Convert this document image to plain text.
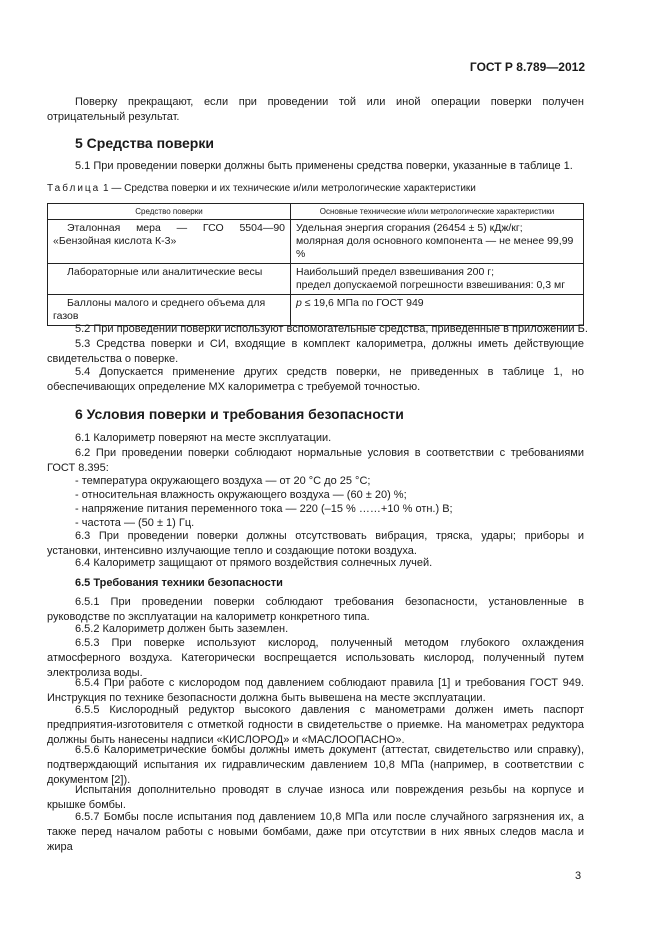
ГОСТ Р 8.789—2012
Поверку прекращают, если при проведении той или иной операции поверки получен отрицательный результат.
5 Средства поверки
5.1 При проведении поверки должны быть применены средства поверки, указанные в таблице 1.
Таблица 1 — Средства поверки и их технические и/или метрологические характеристики
Средство поверки	Основные технические и/или метрологические характеристики

Эталонная мера — ГСО 5504—90 «Бензойная кислота К-3»	Удельная энергия сгорания (26454 ± 5) кДж/кг;
молярная доля основного компонента — не менее 99,99 %

Лабораторные или аналитические весы	Наибольший предел взвешивания 200 г;
предел допускаемой погрешности взвешивания: 0,3 мг

Баллоны малого и среднего объема для газов	p ≤ 19,6 МПа по ГОСТ 949
5.2 При проведении поверки используют вспомогательные средства, приведенные в приложении Б.
5.3 Средства поверки и СИ, входящие в комплект калориметра, должны иметь действующие свидетельства о поверке.
5.4 Допускается применение других средств поверки, не приведенных в таблице 1, но обеспечивающих определение МХ калориметра с требуемой точностью.
6 Условия поверки и требования безопасности
6.1 Калориметр поверяют на месте эксплуатации.
6.2 При проведении поверки соблюдают нормальные условия в соответствии с требованиями ГОСТ 8.395:
- температура окружающего воздуха — от 20 °С до 25 °С;
- относительная влажность окружающего воздуха — (60 ± 20) %;
- напряжение питания переменного тока — 220 (–15 % ……+10 % отн.) В;
- частота — (50 ± 1) Гц.
6.3 При проведении поверки должны отсутствовать вибрация, тряска, удары; приборы и установки, интенсивно излучающие тепло и создающие потоки воздуха.
6.4 Калориметр защищают от прямого воздействия солнечных лучей.
6.5 Требования техники безопасности
6.5.1 При проведении поверки соблюдают требования безопасности, установленные в руководстве по эксплуатации на калориметр конкретного типа.
6.5.2 Калориметр должен быть заземлен.
6.5.3 При поверке используют кислород, полученный методом глубокого охлаждения атмосферного воздуха. Категорически воспрещается использовать кислород, полученный путем электролиза воды.
6.5.4 При работе с кислородом под давлением соблюдают правила [1] и требования ГОСТ 949. Инструкция по технике безопасности должна быть вывешена на месте эксплуатации.
6.5.5 Кислородный редуктор высокого давления с манометрами должен иметь паспорт предприятия-изготовителя с отметкой годности в свидетельстве о приемке. На манометрах редуктора должны быть нанесены надписи «КИСЛОРОД» и «МАСЛООПАСНО».
6.5.6 Калориметрические бомбы должны иметь документ (аттестат, свидетельство или справку), подтверждающий испытания их гидравлическим давлением 10,8 МПа (например, в соответствии с документом [2]).
Испытания дополнительно проводят в случае износа или повреждения резьбы на корпусе и крышке бомбы.
6.5.7 Бомбы после испытания под давлением 10,8 МПа или после случайного загрязнения их, а также перед началом работы с новыми бомбами, даже при отсутствии в них явных следов масла и жира
3
